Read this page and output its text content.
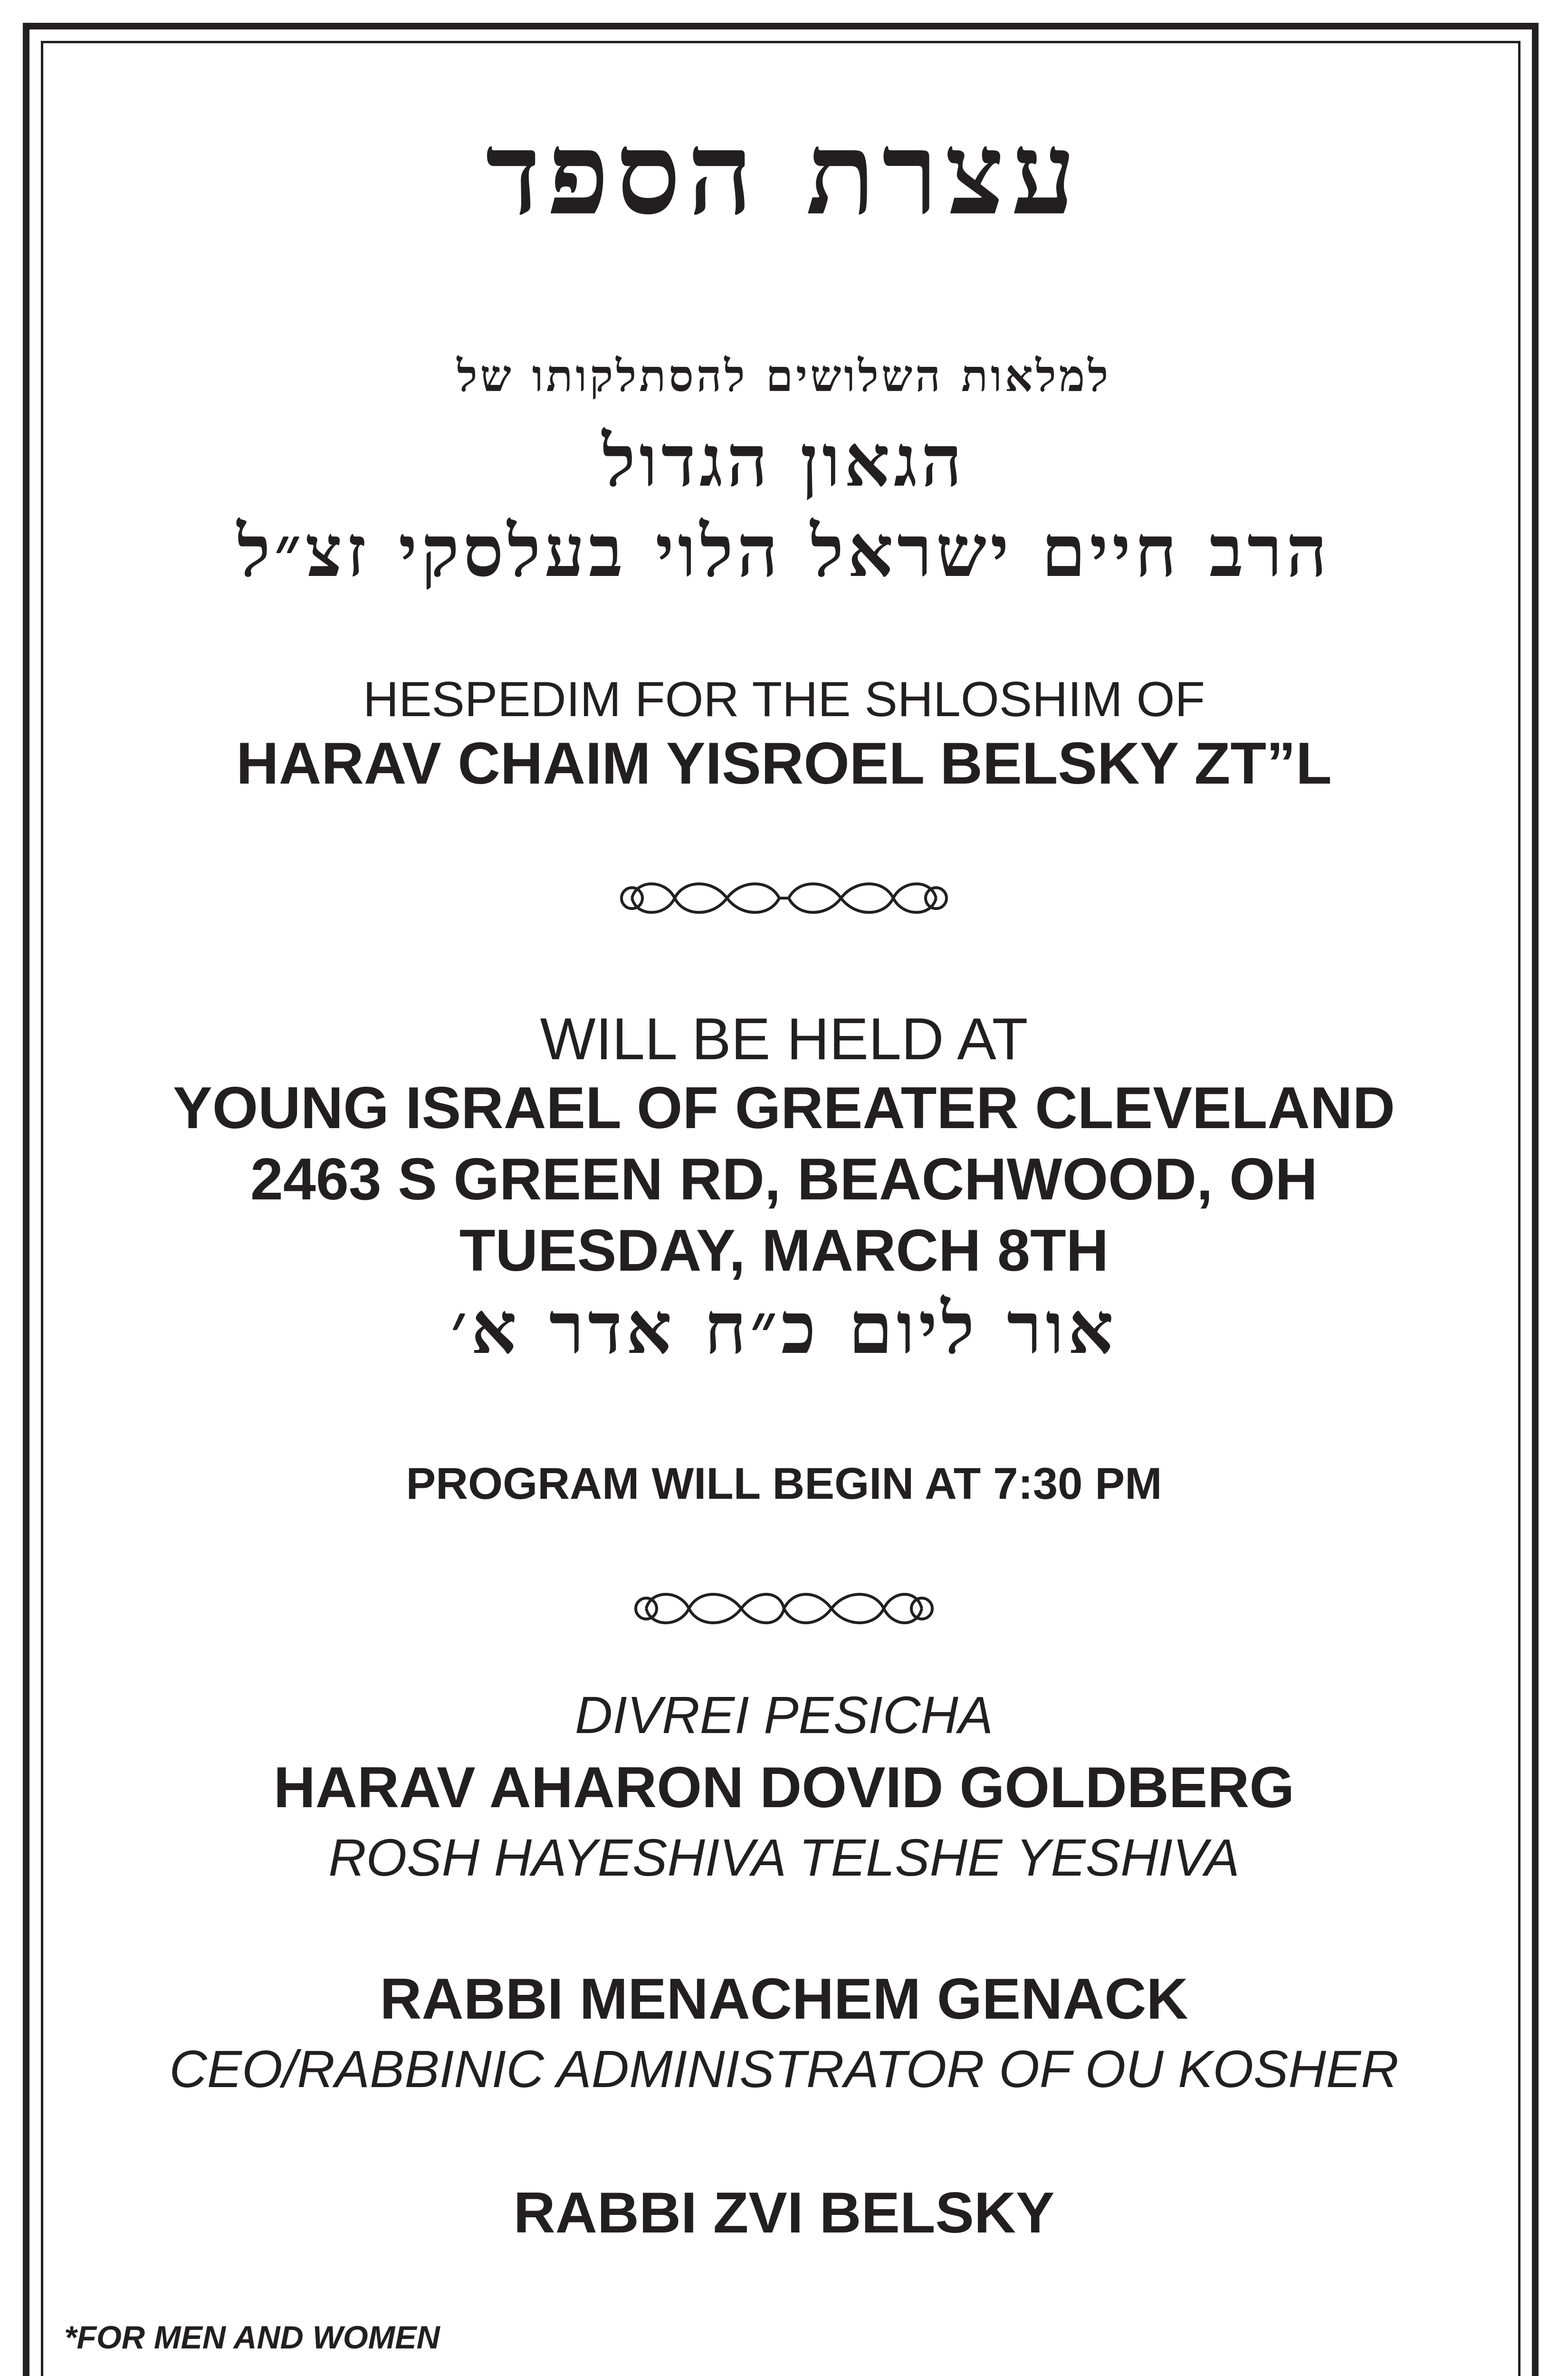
עצרת הספד
למלאות השלושים להסתלקותו של
הגאון הגדול
הרב חיים ישראל הלוי בעלסקי זצ״ל
HESPEDIM FOR THE SHLOSHIM OF
HARAV CHAIM YISROEL BELSKY ZT”L
WILL BE HELD AT
YOUNG ISRAEL OF GREATER CLEVELAND
2463 S GREEN RD, BEACHWOOD, OH
TUESDAY, MARCH 8TH
אור ליום כ״ח אדר א׳
PROGRAM WILL BEGIN AT 7:30 PM
DIVREI PESICHA
HARAV AHARON DOVID GOLDBERG
ROSH HAYESHIVA TELSHE YESHIVA
RABBI MENACHEM GENACK
CEO/RABBINIC ADMINISTRATOR OF OU KOSHER
RABBI ZVI BELSKY
*FOR MEN AND WOMEN
